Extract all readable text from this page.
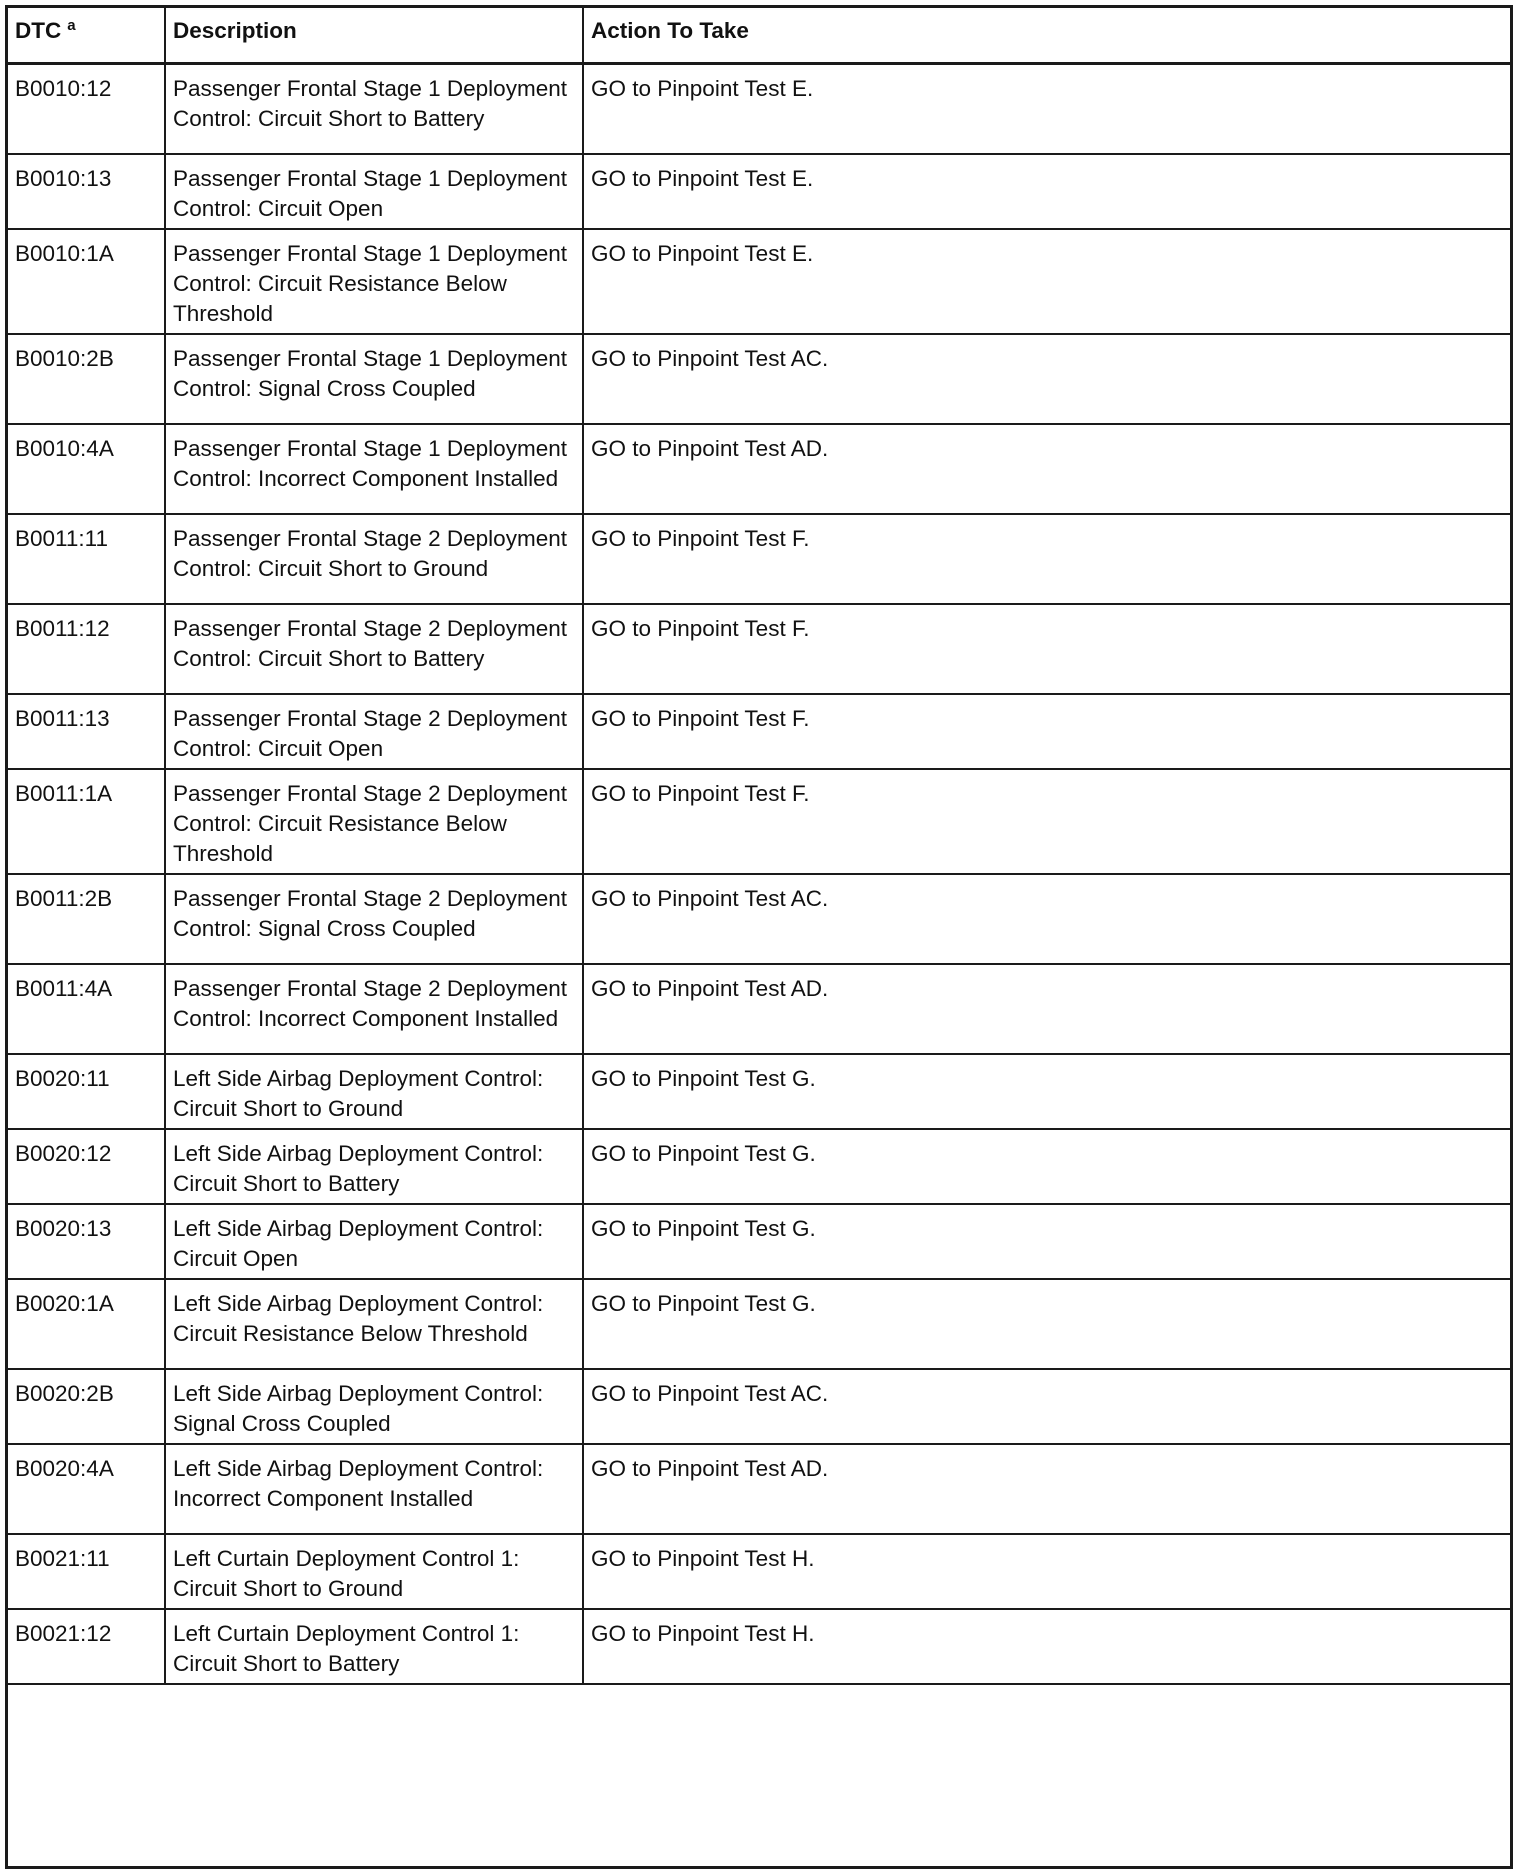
DTC $^a$	Description	Action To Take
B0010:12	Passenger Frontal Stage 1 Deployment Control: Circuit Short to Battery	GO to Pinpoint Test E.
B0010:13	Passenger Frontal Stage 1 Deployment Control: Circuit Open	GO to Pinpoint Test E.
B0010:1A	Passenger Frontal Stage 1 Deployment Control: Circuit Resistance Below Threshold	GO to Pinpoint Test E.
B0010:2B	Passenger Frontal Stage 1 Deployment Control: Signal Cross Coupled	GO to Pinpoint Test AC.
B0010:4A	Passenger Frontal Stage 1 Deployment Control: Incorrect Component Installed	GO to Pinpoint Test AD.
B0011:11	Passenger Frontal Stage 2 Deployment Control: Circuit Short to Ground	GO to Pinpoint Test F.
B0011:12	Passenger Frontal Stage 2 Deployment Control: Circuit Short to Battery	GO to Pinpoint Test F.
B0011:13	Passenger Frontal Stage 2 Deployment Control: Circuit Open	GO to Pinpoint Test F.
B0011:1A	Passenger Frontal Stage 2 Deployment Control: Circuit Resistance Below Threshold	GO to Pinpoint Test F.
B0011:2B	Passenger Frontal Stage 2 Deployment Control: Signal Cross Coupled	GO to Pinpoint Test AC.
B0011:4A	Passenger Frontal Stage 2 Deployment Control: Incorrect Component Installed	GO to Pinpoint Test AD.
B0020:11	Left Side Airbag Deployment Control: Circuit Short to Ground	GO to Pinpoint Test G.
B0020:12	Left Side Airbag Deployment Control: Circuit Short to Battery	GO to Pinpoint Test G.
B0020:13	Left Side Airbag Deployment Control: Circuit Open	GO to Pinpoint Test G.
B0020:1A	Left Side Airbag Deployment Control: Circuit Resistance Below Threshold	GO to Pinpoint Test G.
B0020:2B	Left Side Airbag Deployment Control: Signal Cross Coupled	GO to Pinpoint Test AC.
B0020:4A	Left Side Airbag Deployment Control: Incorrect Component Installed	GO to Pinpoint Test AD.
B0021:11	Left Curtain Deployment Control 1: Circuit Short to Ground	GO to Pinpoint Test H.
B0021:12	Left Curtain Deployment Control 1: Circuit Short to Battery	GO to Pinpoint Test H.
